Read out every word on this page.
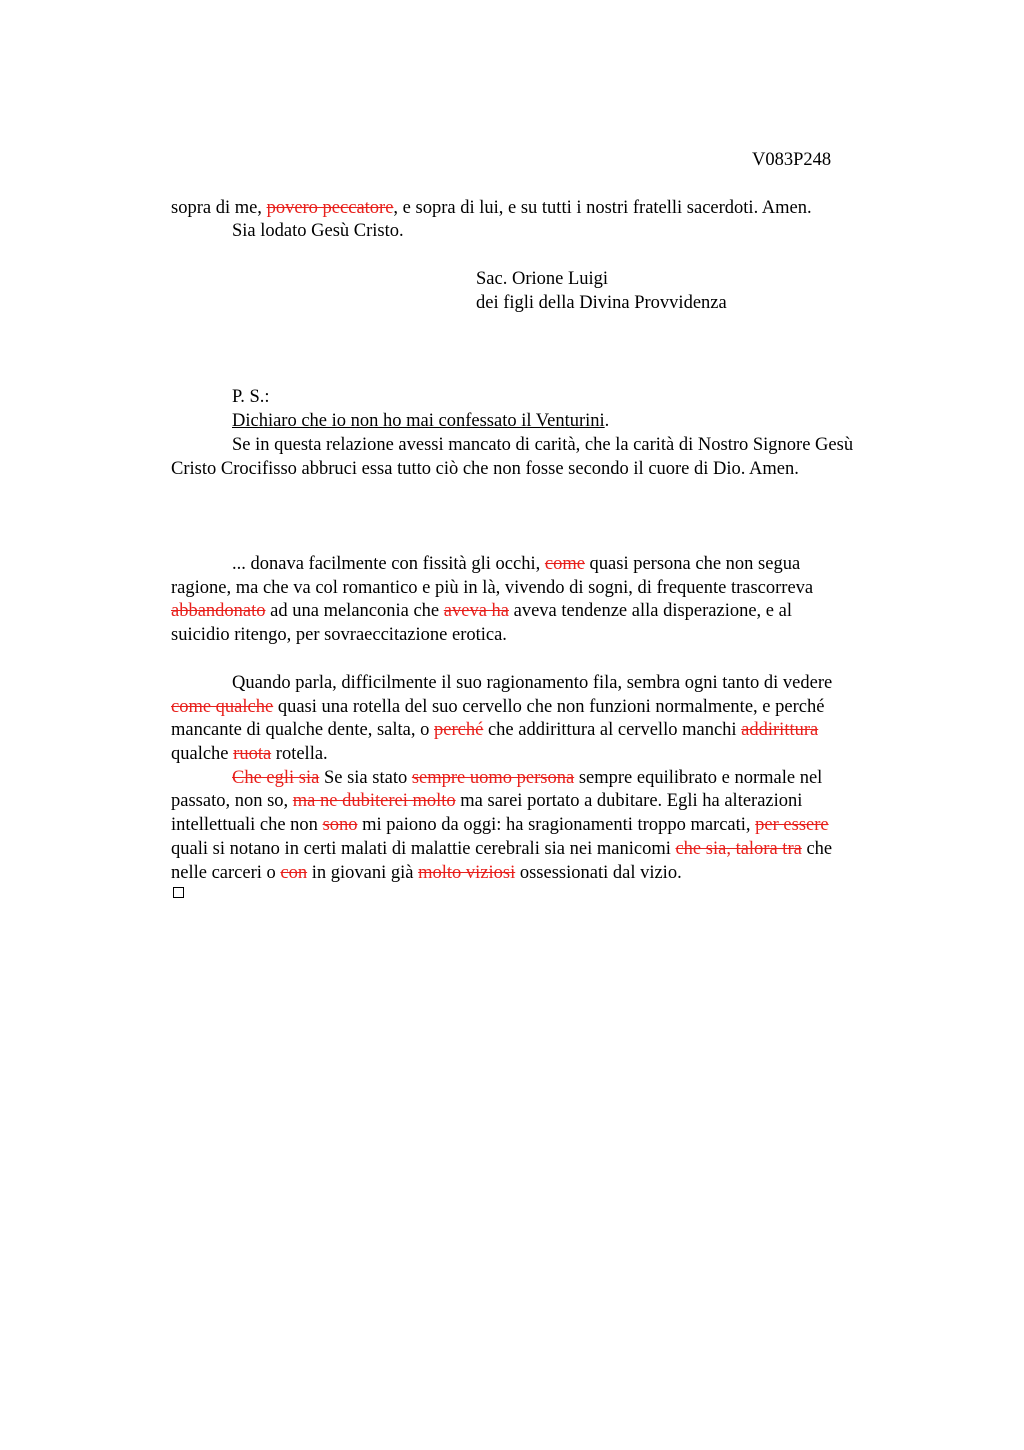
V083P248
sopra di me, povero peccatore, e sopra di lui, e su tutti i nostri fratelli sacerdoti. Amen.
Sia lodato Gesù Cristo.
Sac. Orione Luigi
dei figli della Divina Provvidenza
P. S.:
Dichiaro che io non ho mai confessato il Venturini.
Se in questa relazione avessi mancato di carità, che la carità di Nostro Signore Gesù
Cristo Crocifisso abbruci essa tutto ciò che non fosse secondo il cuore di Dio. Amen.
... donava facilmente con fissità gli occhi, come quasi persona che non segua
ragione, ma che va col romantico e più in là, vivendo di sogni, di frequente trascorreva
abbandonato ad una melanconia che aveva ha aveva tendenze alla disperazione, e al
suicidio ritengo, per sovraeccitazione erotica.
Quando parla, difficilmente il suo ragionamento fila, sembra ogni tanto di vedere
come qualche quasi una rotella del suo cervello che non funzioni normalmente, e perché
mancante di qualche dente, salta, o perché che addirittura al cervello manchi addirittura
qualche ruota rotella.
Che egli sia Se sia stato sempre uomo persona sempre equilibrato e normale nel
passato, non so, ma ne dubiterei molto ma sarei portato a dubitare. Egli ha alterazioni
intellettuali che non sono mi paiono da oggi: ha sragionamenti troppo marcati, per essere
quali si notano in certi malati di malattie cerebrali sia nei manicomi che sia, talora tra che
nelle carceri o con in giovani già molto viziosi ossessionati dal vizio.
